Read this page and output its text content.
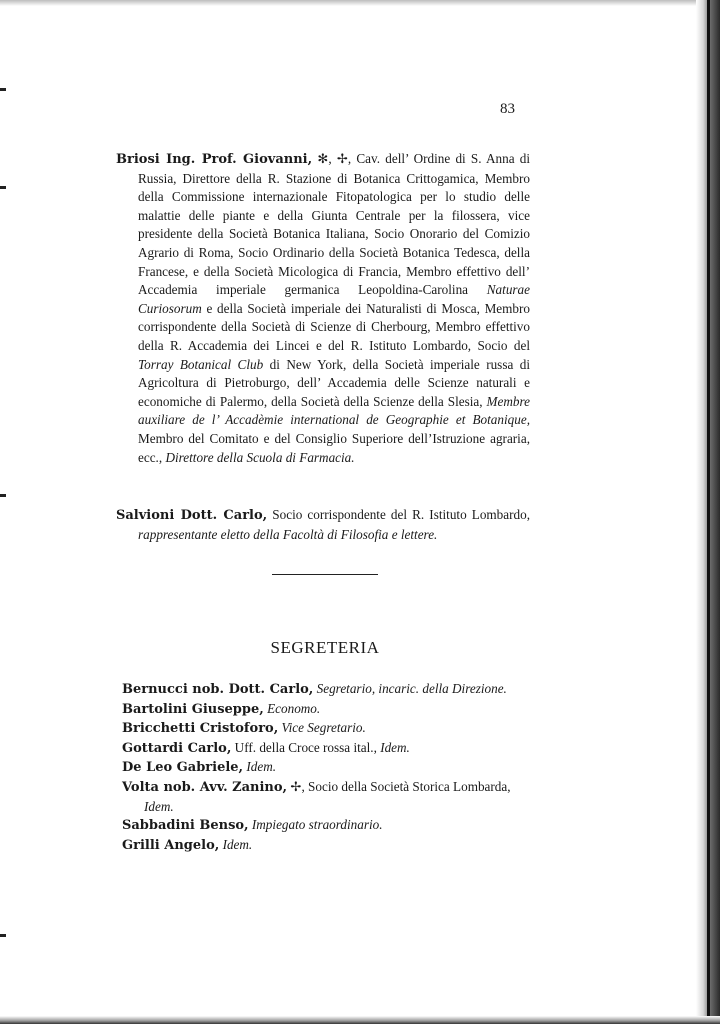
83
Briosi Ing. Prof. Giovanni, ✻, ✢, Cav. dell’ Ordine di S. Anna di Russia, Direttore della R. Stazione di Botanica Crittogamica, Membro della Commissione internazionale Fitopatologica per lo studio delle malattie delle piante e della Giunta Centrale per la filossera, vice presidente della Società Botanica Italiana, Socio Onorario del Comizio Agrario di Roma, Socio Ordinario della Società Botanica Tedesca, della Francese, e della Società Micologica di Francia, Membro effettivo dell’ Accademia imperiale germanica Leopoldina-Carolina Naturae Curiosorum e della Società imperiale dei Naturalisti di Mosca, Membro corrispondente della Società di Scienze di Cherbourg, Membro effettivo della R. Accademia dei Lincei e del R. Istituto Lombardo, Socio del Torray Botanical Club di New York, della Società imperiale russa di Agricoltura di Pietroburgo, dell’ Accademia delle Scienze naturali e economiche di Palermo, della Società della Scienze della Slesia, Membre auxiliare de l’ Accadèmie international de Geographie et Botanique, Membro del Comitato e del Consiglio Superiore dell’Istruzione agraria, ecc., Direttore della Scuola di Farmacia.
Salvioni Dott. Carlo, Socio corrispondente del R. Istituto Lombardo, rappresentante eletto della Facoltà di Filosofia e lettere.
SEGRETERIA
Bernucci nob. Dott. Carlo, Segretario, incaric. della Direzione.
Bartolini Giuseppe, Economo.
Bricchetti Cristoforo, Vice Segretario.
Gottardi Carlo, Uff. della Croce rossa ital., Idem.
De Leo Gabriele, Idem.
Volta nob. Avv. Zanino, ✢, Socio della Società Storica Lombarda, Idem.
Sabbadini Benso, Impiegato straordinario.
Grilli Angelo, Idem.
